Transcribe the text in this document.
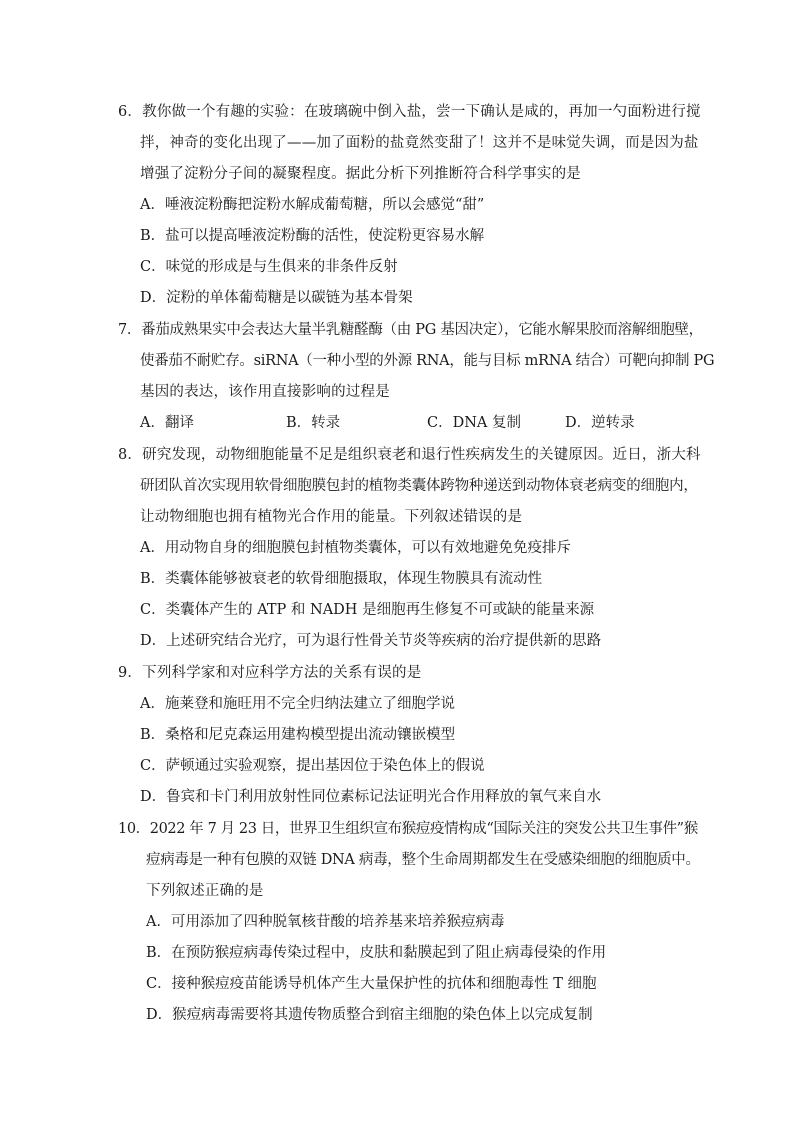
6．教你做一个有趣的实验：在玻璃碗中倒入盐，尝一下确认是咸的，再加一勺面粉进行搅
拌，神奇的变化出现了——加了面粉的盐竟然变甜了！这并不是味觉失调，而是因为盐
增强了淀粉分子间的凝聚程度。据此分析下列推断符合科学事实的是
A．唾液淀粉酶把淀粉水解成葡萄糖，所以会感觉“甜”
B．盐可以提高唾液淀粉酶的活性，使淀粉更容易水解
C．味觉的形成是与生俱来的非条件反射
D．淀粉的单体葡萄糖是以碳链为基本骨架
7．番茄成熟果实中会表达大量半乳糖醛酶（由 PG 基因决定），它能水解果胶而溶解细胞壁，
使番茄不耐贮存。siRNA（一种小型的外源 RNA，能与目标 mRNA 结合）可靶向抑制 PG
基因的表达，该作用直接影响的过程是
A．翻译	B．转录	C．DNA 复制	D．逆转录
8．研究发现，动物细胞能量不足是组织衰老和退行性疾病发生的关键原因。近日，浙大科
研团队首次实现用软骨细胞膜包封的植物类囊体跨物种递送到动物体衰老病变的细胞内，
让动物细胞也拥有植物光合作用的能量。下列叙述错误的是
A．用动物自身的细胞膜包封植物类囊体，可以有效地避免免疫排斥
B．类囊体能够被衰老的软骨细胞摄取，体现生物膜具有流动性
C．类囊体产生的 ATP 和 NADH 是细胞再生修复不可或缺的能量来源
D．上述研究结合光疗，可为退行性骨关节炎等疾病的治疗提供新的思路
9．下列科学家和对应科学方法的关系有误的是
A．施莱登和施旺用不完全归纳法建立了细胞学说
B．桑格和尼克森运用建构模型提出流动镶嵌模型
C．萨顿通过实验观察，提出基因位于染色体上的假说
D．鲁宾和卡门利用放射性同位素标记法证明光合作用释放的氧气来自水
10．2022 年 7 月 23 日，世界卫生组织宣布猴痘疫情构成“国际关注的突发公共卫生事件”猴
痘病毒是一种有包膜的双链 DNA 病毒，整个生命周期都发生在受感染细胞的细胞质中。
下列叙述正确的是
A．可用添加了四种脱氧核苷酸的培养基来培养猴痘病毒
B．在预防猴痘病毒传染过程中，皮肤和黏膜起到了阻止病毒侵染的作用
C．接种猴痘疫苗能诱导机体产生大量保护性的抗体和细胞毒性 T 细胞
D．猴痘病毒需要将其遗传物质整合到宿主细胞的染色体上以完成复制
